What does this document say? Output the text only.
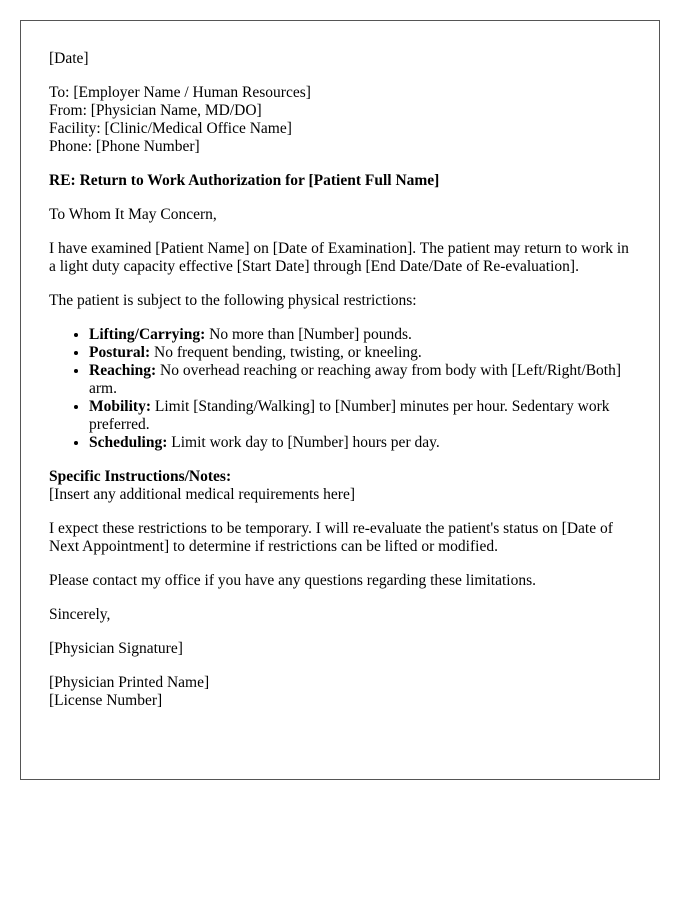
[Date]

To: [Employer Name / Human Resources]
From: [Physician Name, MD/DO]
Facility: [Clinic/Medical Office Name]
Phone: [Phone Number]

RE: Return to Work Authorization for [Patient Full Name]

To Whom It May Concern,

I have examined [Patient Name] on [Date of Examination]. The patient may return to work in a light duty capacity effective [Start Date] through [End Date/Date of Re-evaluation].

The patient is subject to the following physical restrictions:

• Lifting/Carrying: No more than [Number] pounds.
• Postural: No frequent bending, twisting, or kneeling.
• Reaching: No overhead reaching or reaching away from body with [Left/Right/Both] arm.
• Mobility: Limit [Standing/Walking] to [Number] minutes per hour. Sedentary work preferred.
• Scheduling: Limit work day to [Number] hours per day.
Specific Instructions/Notes:
[Insert any additional medical requirements here]

I expect these restrictions to be temporary. I will re-evaluate the patient's status on [Date of Next Appointment] to determine if restrictions can be lifted or modified.

Please contact my office if you have any questions regarding these limitations.

Sincerely,

[Physician Signature]

[Physician Printed Name]
[License Number]
